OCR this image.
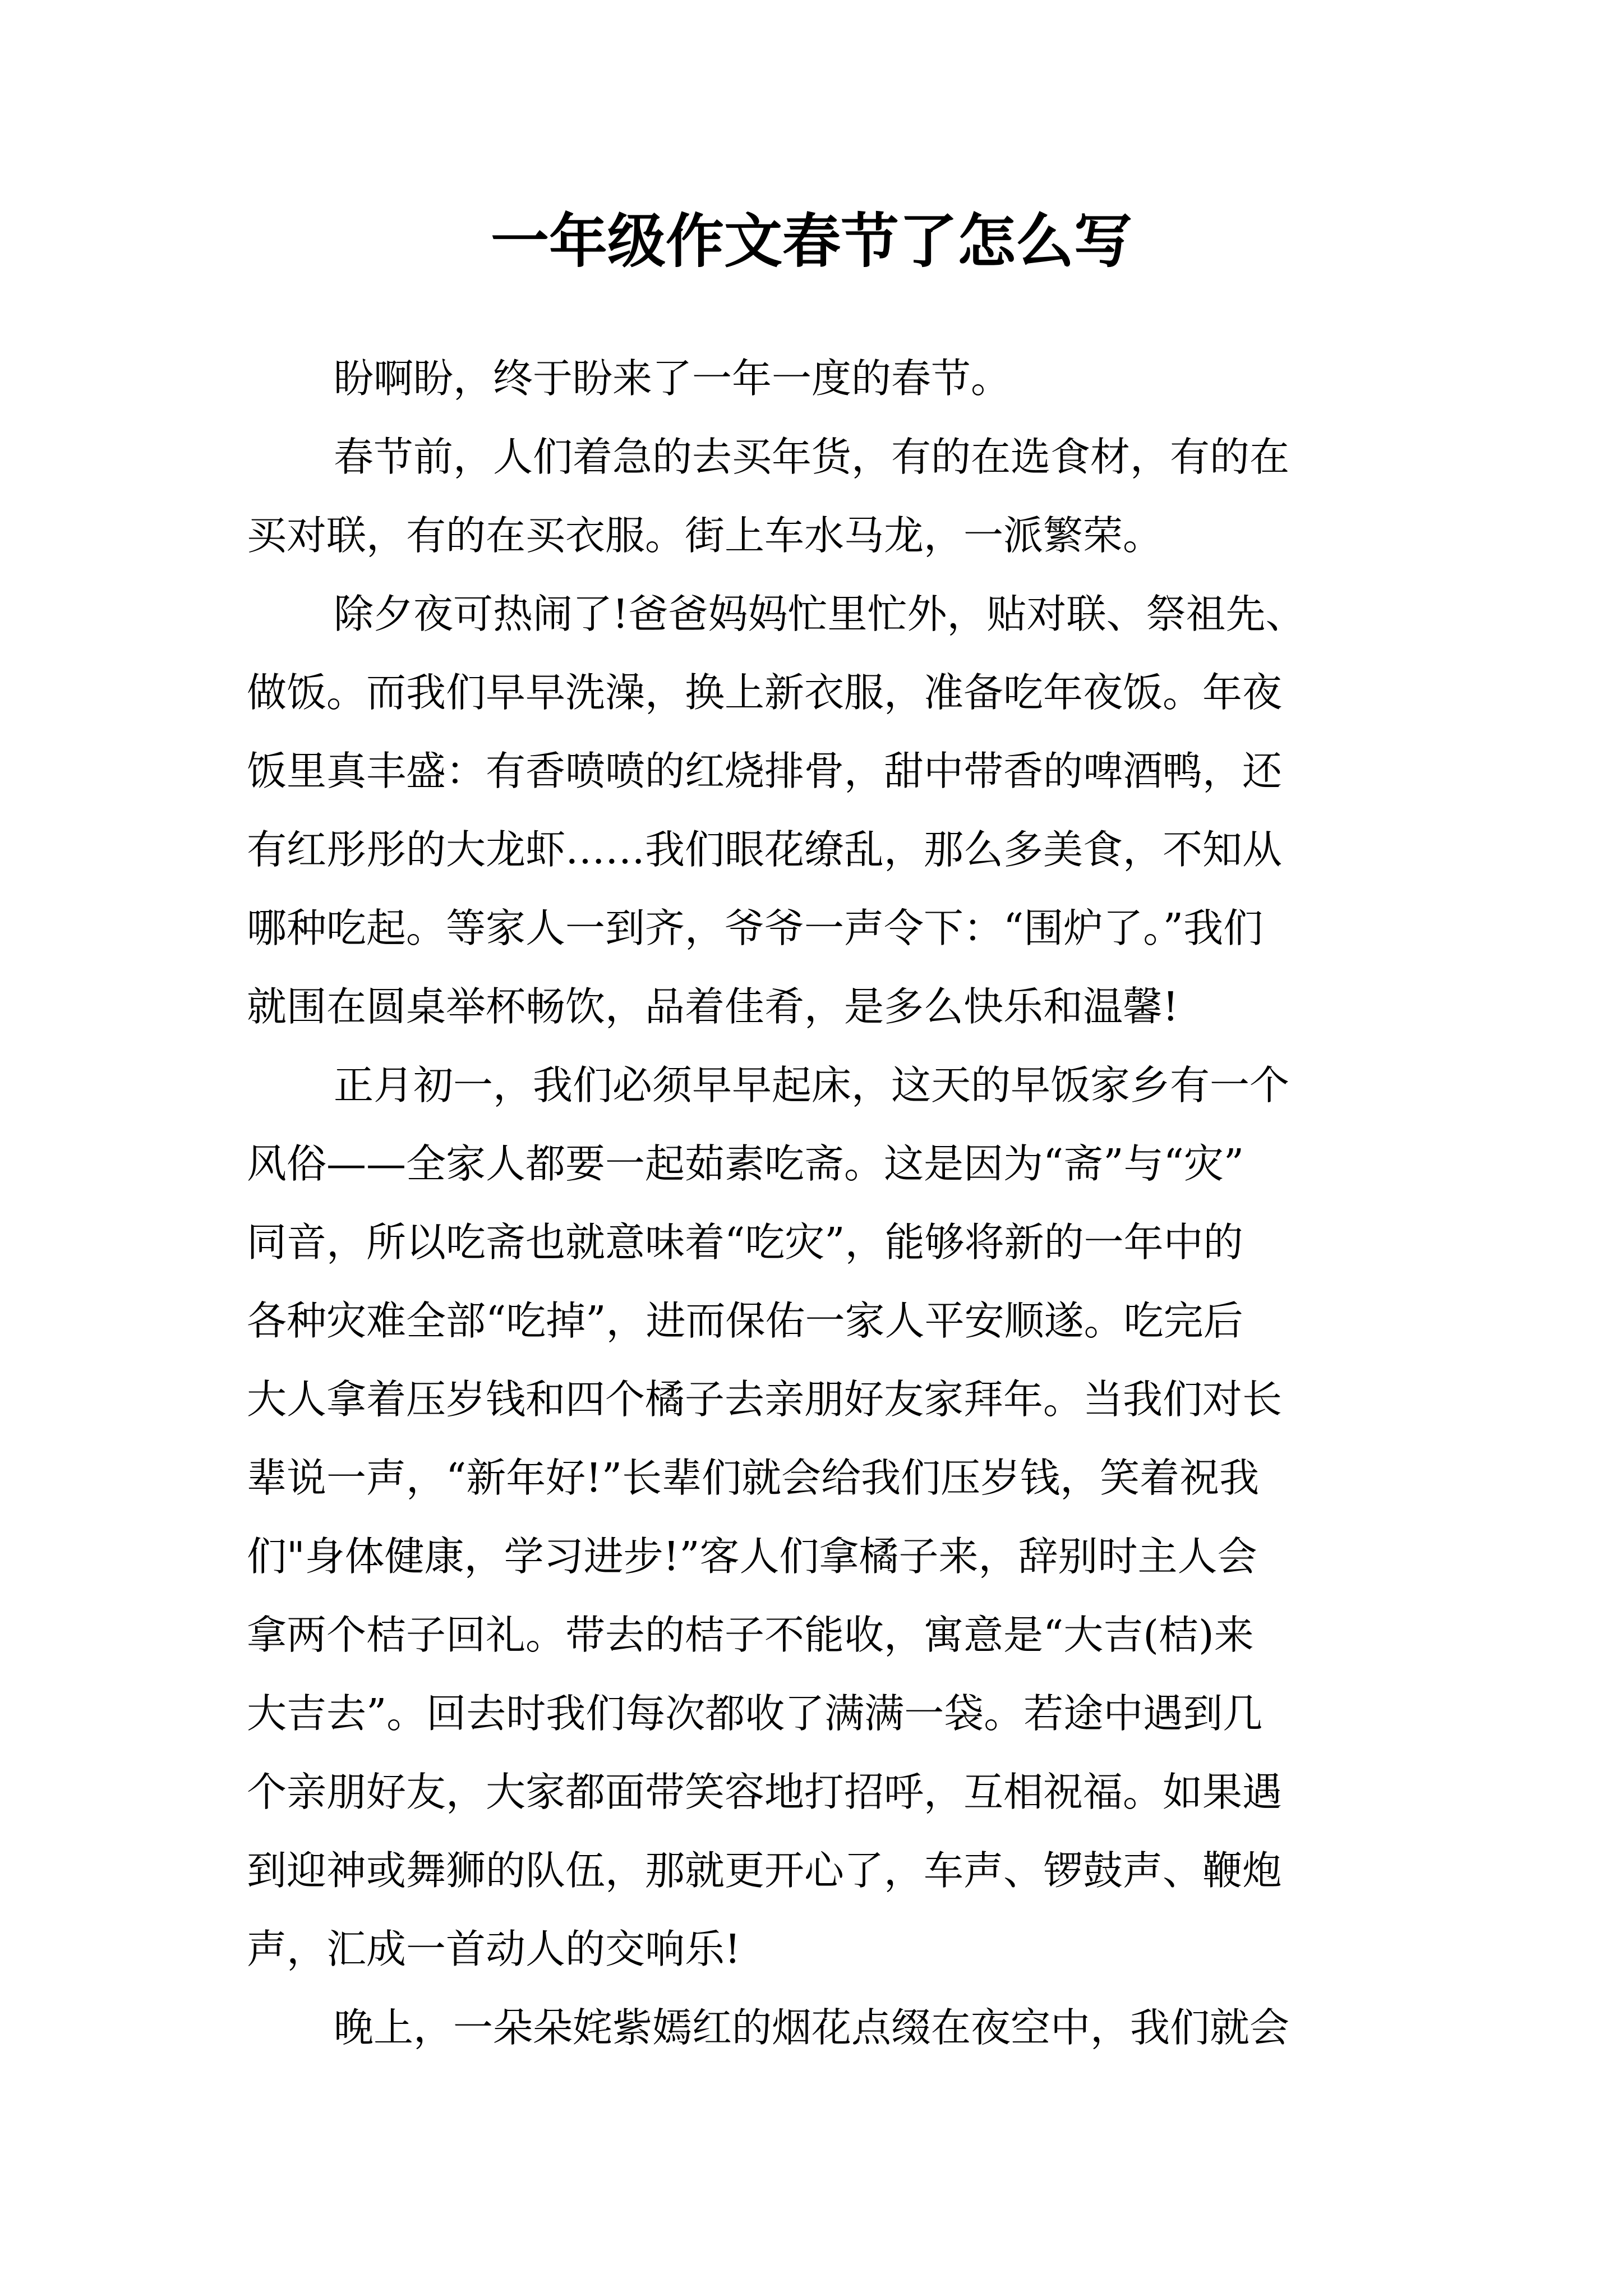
一年级作文春节了怎么写
盼啊盼，终于盼来了一年一度的春节。
春节前，人们着急的去买年货，有的在选食材，有的在
买对联，有的在买衣服。街上车水马龙，一派繁荣。
除夕夜可热闹了!爸爸妈妈忙里忙外，贴对联、祭祖先、
做饭。而我们早早洗澡，换上新衣服，准备吃年夜饭。年夜
饭里真丰盛：有香喷喷的红烧排骨，甜中带香的啤酒鸭，还
有红彤彤的大龙虾……我们眼花缭乱，那么多美食，不知从
哪种吃起。等家人一到齐，爷爷一声令下：“围炉了。”我们
就围在圆桌举杯畅饮，品着佳肴，是多么快乐和温馨!
正月初一，我们必须早早起床，这天的早饭家乡有一个
风俗——全家人都要一起茹素吃斋。这是因为“斋”与“灾”
同音，所以吃斋也就意味着“吃灾”，能够将新的一年中的
各种灾难全部“吃掉”，进而保佑一家人平安顺遂。吃完后
大人拿着压岁钱和四个橘子去亲朋好友家拜年。当我们对长
辈说一声，“新年好!”长辈们就会给我们压岁钱，笑着祝我
们"身体健康，学习进步!”客人们拿橘子来，辞别时主人会
拿两个桔子回礼。带去的桔子不能收，寓意是“大吉(桔)来
大吉去”。回去时我们每次都收了满满一袋。若途中遇到几
个亲朋好友，大家都面带笑容地打招呼，互相祝福。如果遇
到迎神或舞狮的队伍，那就更开心了，车声、锣鼓声、鞭炮
声，汇成一首动人的交响乐!
晚上，一朵朵姹紫嫣红的烟花点缀在夜空中，我们就会
